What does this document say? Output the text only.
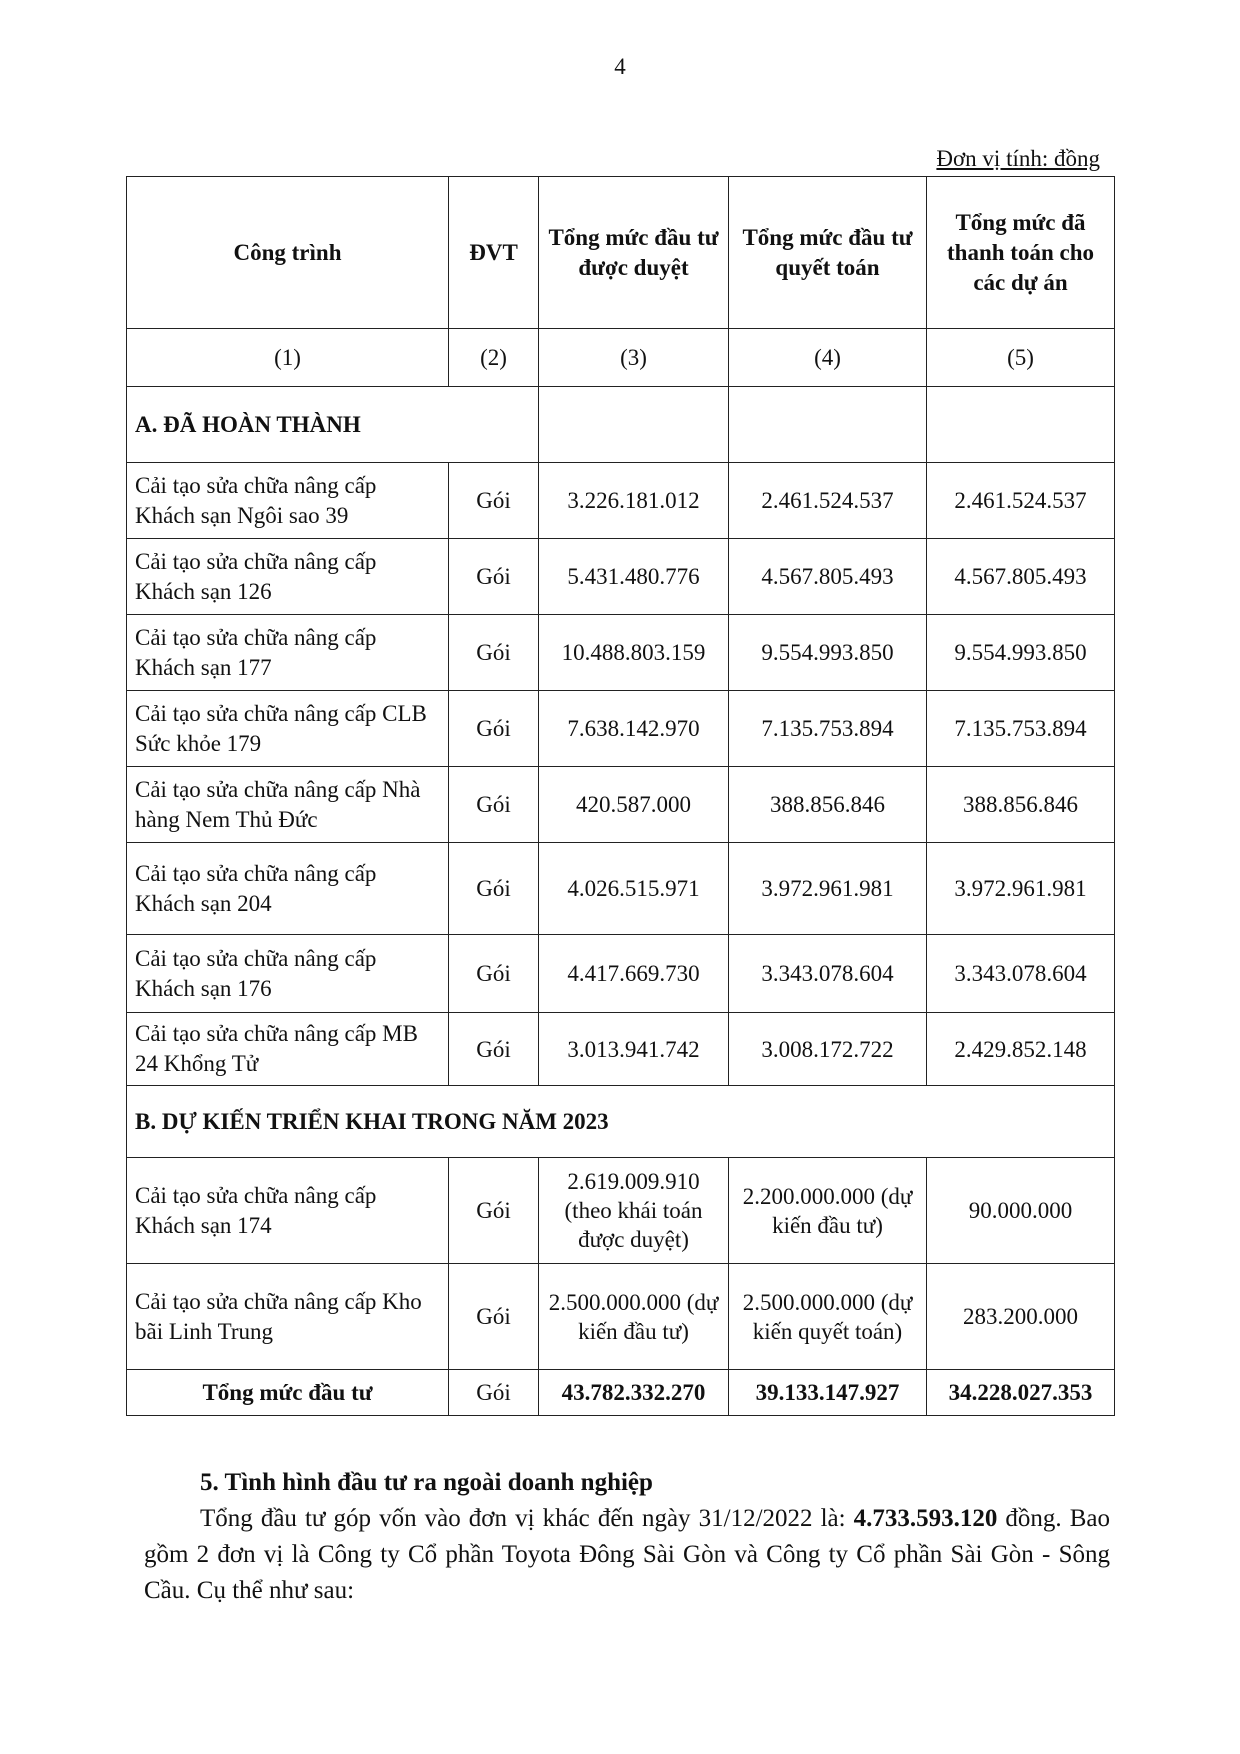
4
Đơn vị tính: đồng
Công trình	ĐVT	Tổng mức đầu tư được duyệt	Tổng mức đầu tư quyết toán	Tổng mức đã thanh toán cho các dự án
(1)	(2)	(3)	(4)	(5)
A. ĐÃ HOÀN THÀNH				
Cải tạo sửa chữa nâng cấp Khách sạn Ngôi sao 39	Gói	3.226.181.012	2.461.524.537	2.461.524.537
Cải tạo sửa chữa nâng cấp Khách sạn 126	Gói	5.431.480.776	4.567.805.493	4.567.805.493
Cải tạo sửa chữa nâng cấp Khách sạn 177	Gói	10.488.803.159	9.554.993.850	9.554.993.850
Cải tạo sửa chữa nâng cấp CLB Sức khỏe 179	Gói	7.638.142.970	7.135.753.894	7.135.753.894
Cải tạo sửa chữa nâng cấp Nhà hàng Nem Thủ Đức	Gói	420.587.000	388.856.846	388.856.846
Cải tạo sửa chữa nâng cấp Khách sạn 204	Gói	4.026.515.971	3.972.961.981	3.972.961.981
Cải tạo sửa chữa nâng cấp Khách sạn 176	Gói	4.417.669.730	3.343.078.604	3.343.078.604
Cải tạo sửa chữa nâng cấp MB 24 Khổng Tử	Gói	3.013.941.742	3.008.172.722	2.429.852.148
B. DỰ KIẾN TRIỂN KHAI TRONG NĂM 2023				
Cải tạo sửa chữa nâng cấp Khách sạn 174	Gói	2.619.009.910 (theo khái toán được duyệt)	2.200.000.000 (dự kiến đầu tư)	90.000.000
Cải tạo sửa chữa nâng cấp Kho bãi Linh Trung	Gói	2.500.000.000 (dự kiến đầu tư)	2.500.000.000 (dự kiến quyết toán)	283.200.000
Tổng mức đầu tư	Gói	43.782.332.270	39.133.147.927	34.228.027.353
5. Tình hình đầu tư ra ngoài doanh nghiệp
Tổng đầu tư góp vốn vào đơn vị khác đến ngày 31/12/2022 là: 4.733.593.120 đồng. Bao gồm 2 đơn vị là Công ty Cổ phần Toyota Đông Sài Gòn và Công ty Cổ phần Sài Gòn - Sông Cầu. Cụ thể như sau:
